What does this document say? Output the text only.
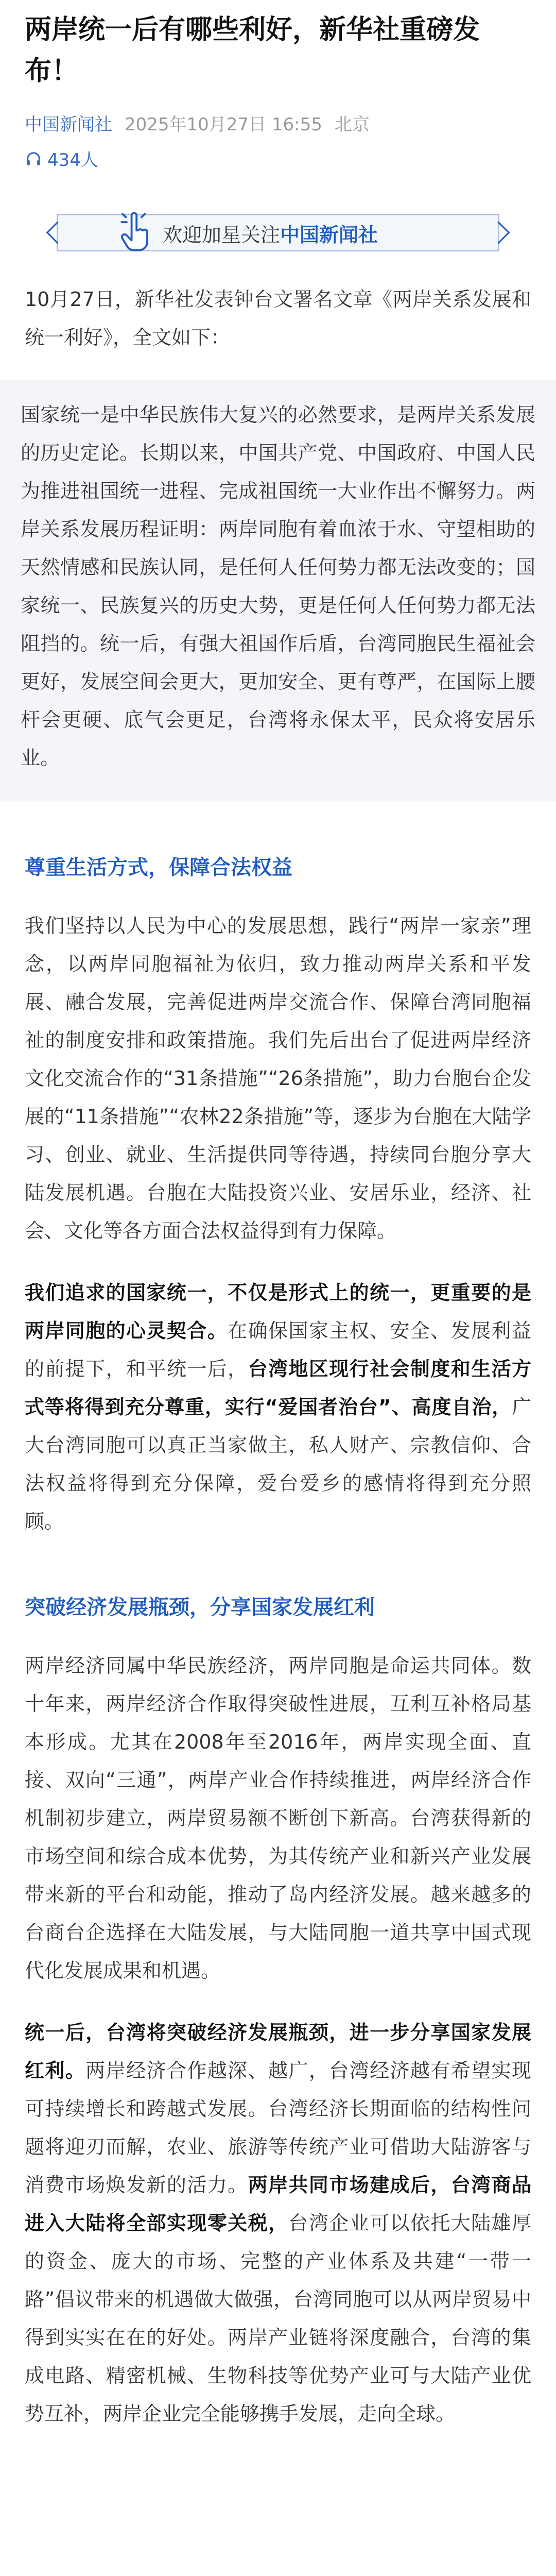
两岸统一后有哪些利好，新华社重磅发布！
中国新闻社 2025年10月27日 16:55 北京
434人
欢迎加星关注 中国新闻社

10月27日，新华社发表钟台文署名文章《两岸关系发展和统一利好》，全文如下：

国家统一是中华民族伟大复兴的必然要求，是两岸关系发展的历史定论。长期以来，中国共产党、中国政府、中国人民为推进祖国统一进程、完成祖国统一大业作出不懈努力。两岸关系发展历程证明：两岸同胞有着血浓于水、守望相助的天然情感和民族认同，是任何人任何势力都无法改变的；国家统一、民族复兴的历史大势，更是任何人任何势力都无法阻挡的。统一后，有强大祖国作后盾，台湾同胞民生福祉会更好，发展空间会更大，更加安全、更有尊严，在国际上腰杆会更硬、底气会更足，台湾将永保太平，民众将安居乐业。

尊重生活方式，保障合法权益

我们坚持以人民为中心的发展思想，践行“两岸一家亲”理念，以两岸同胞福祉为依归，致力推动两岸关系和平发展、融合发展，完善促进两岸交流合作、保障台湾同胞福祉的制度安排和政策措施。我们先后出台了促进两岸经济文化交流合作的“31条措施”“26条措施”，助力台胞台企发展的“11条措施”“农林22条措施”等，逐步为台胞在大陆学习、创业、就业、生活提供同等待遇，持续同台胞分享大陆发展机遇。台胞在大陆投资兴业、安居乐业，经济、社会、文化等各方面合法权益得到有力保障。

我们追求的国家统一，不仅是形式上的统一，更重要的是两岸同胞的心灵契合。在确保国家主权、安全、发展利益的前提下，和平统一后，台湾地区现行社会制度和生活方式等将得到充分尊重，实行“爱国者治台”、高度自治，广大台湾同胞可以真正当家做主，私人财产、宗教信仰、合法权益将得到充分保障，爱台爱乡的感情将得到充分照顾。

突破经济发展瓶颈，分享国家发展红利

两岸经济同属中华民族经济，两岸同胞是命运共同体。数十年来，两岸经济合作取得突破性进展，互利互补格局基本形成。尤其在2008年至2016年，两岸实现全面、直接、双向“三通”，两岸产业合作持续推进，两岸经济合作机制初步建立，两岸贸易额不断创下新高。台湾获得新的市场空间和综合成本优势，为其传统产业和新兴产业发展带来新的平台和动能，推动了岛内经济发展。越来越多的台商台企选择在大陆发展，与大陆同胞一道共享中国式现代化发展成果和机遇。

统一后，台湾将突破经济发展瓶颈，进一步分享国家发展红利。两岸经济合作越深、越广，台湾经济越有希望实现可持续增长和跨越式发展。台湾经济长期面临的结构性问题将迎刃而解，农业、旅游等传统产业可借助大陆游客与消费市场焕发新的活力。两岸共同市场建成后，台湾商品进入大陆将全部实现零关税，台湾企业可以依托大陆雄厚的资金、庞大的市场、完整的产业体系及共建“一带一路”倡议带来的机遇做大做强，台湾同胞可以从两岸贸易中得到实实在在的好处。两岸产业链将深度融合，台湾的集成电路、精密机械、生物科技等优势产业可与大陆产业优势互补，两岸企业完全能够携手发展，走向全球。
